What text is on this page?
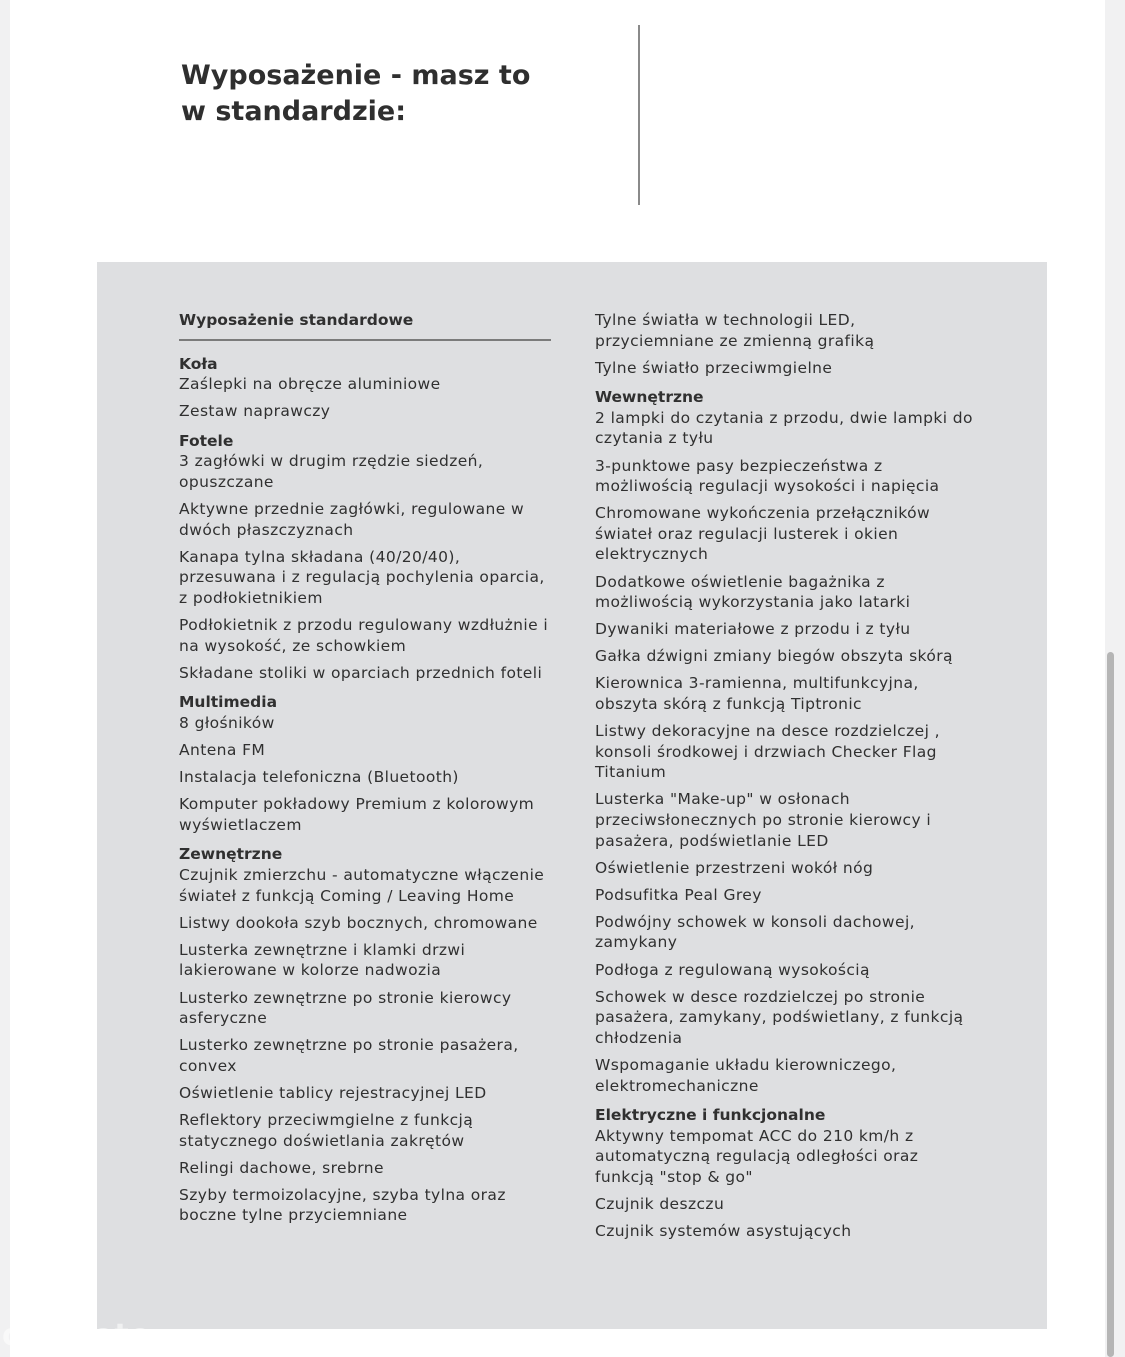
Wyposażenie - masz to
w standardzie:
Wyposażenie standardowe
Koła
Zaślepki na obręcze aluminiowe
Zestaw naprawczy
Fotele
3 zagłówki w drugim rzędzie siedzeń, opuszczane
Aktywne przednie zagłówki, regulowane w dwóch płaszczyznach
Kanapa tylna składana (40/20/40), przesuwana i z regulacją pochylenia oparcia, z podłokietnikiem
Podłokietnik z przodu regulowany wzdłużnie i na wysokość, ze schowkiem
Składane stoliki w oparciach przednich foteli
Multimedia
8 głośników
Antena FM
Instalacja telefoniczna (Bluetooth)
Komputer pokładowy Premium z kolorowym wyświetlaczem
Zewnętrzne
Czujnik zmierzchu - automatyczne włączenie świateł z funkcją Coming / Leaving Home
Listwy dookoła szyb bocznych, chromowane
Lusterka zewnętrzne i klamki drzwi lakierowane w kolorze nadwozia
Lusterko zewnętrzne po stronie kierowcy asferyczne
Lusterko zewnętrzne po stronie pasażera, convex
Oświetlenie tablicy rejestracyjnej LED
Reflektory przeciwmgielne z funkcją statycznego doświetlania zakrętów
Relingi dachowe, srebrne
Szyby termoizolacyjne, szyba tylna oraz boczne tylne przyciemniane
Tylne światła w technologii LED, przyciemniane ze zmienną grafiką
Tylne światło przeciwmgielne
Wewnętrzne
2 lampki do czytania z przodu, dwie lampki do czytania z tyłu
3-punktowe pasy bezpieczeństwa z możliwością regulacji wysokości i napięcia
Chromowane wykończenia przełączników świateł oraz regulacji lusterek i okien elektrycznych
Dodatkowe oświetlenie bagażnika z możliwością wykorzystania jako latarki
Dywaniki materiałowe z przodu i z tyłu
Gałka dźwigni zmiany biegów obszyta skórą
Kierownica 3-ramienna, multifunkcyjna, obszyta skórą z funkcją Tiptronic
Listwy dekoracyjne na desce rozdzielczej , konsoli środkowej i drzwiach Checker Flag Titanium
Lusterka "Make-up" w osłonach przeciwsłonecznych po stronie kierowcy i pasażera, podświetlanie LED
Oświetlenie przestrzeni wokół nóg
Podsufitka Peal Grey
Podwójny schowek w konsoli dachowej, zamykany
Podłoga z regulowaną wysokością
Schowek w desce rozdzielczej po stronie pasażera, zamykany, podświetlany, z funkcją chłodzenia
Wspomaganie układu kierowniczego, elektromechaniczne
Elektryczne i funkcjonalne
Aktywny tempomat ACC do 210 km/h z automatyczną regulacją odległości oraz funkcją "stop & go"
Czujnik deszczu
Czujnik systemów asystujących
otomoto
